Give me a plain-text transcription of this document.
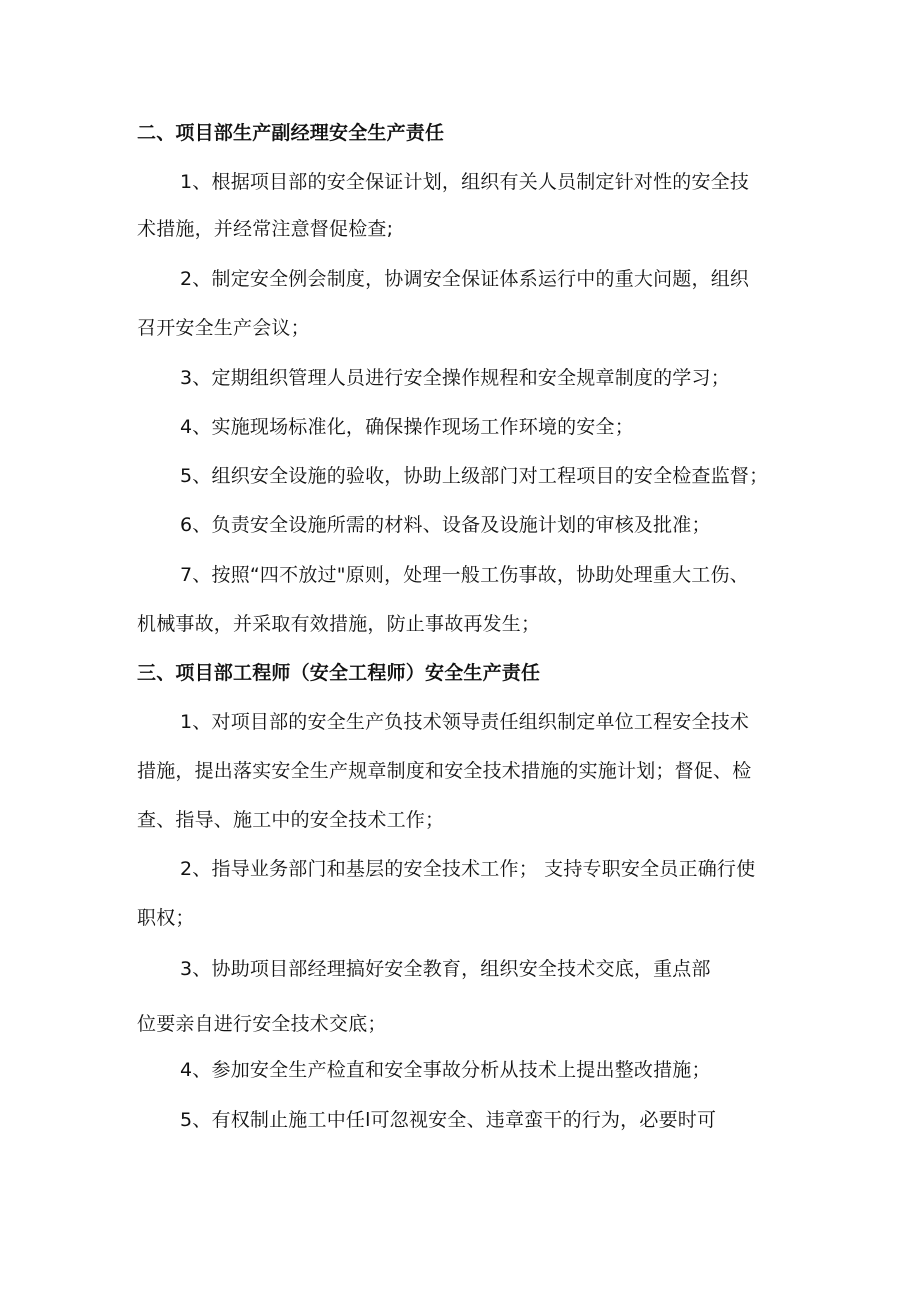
二、项目部生产副经理安全生产责任
1、根据项目部的安全保证计划，组织有关人员制定针对性的安全技
术措施，并经常注意督促检查;
2、制定安全例会制度，协调安全保证体系运行中的重大问题，组织
召开安全生产会议；
3、定期组织管理人员进行安全操作规程和安全规章制度的学习；
4、实施现场标准化，确保操作现场工作环境的安全；
5、组织安全设施的验收，协助上级部门对工程项目的安全检查监督；
6、负责安全设施所需的材料、设备及设施计划的审核及批准；
7、按照“四不放过"原则，处理一般工伤事故，协助处理重大工伤、
机械事故，并采取有效措施，防止事故再发生；
三、项目部工程师（安全工程师）安全生产责任
1、对项目部的安全生产负技术领导责任组织制定单位工程安全技术
措施，提出落实安全生产规章制度和安全技术措施的实施计划；督促、检
查、指导、施工中的安全技术工作；
2、指导业务部门和基层的安全技术工作； 支持专职安全员正确行使
职权；
3、协助项目部经理搞好安全教育，组织安全技术交底，重点部
位要亲自进行安全技术交底；
4、参加安全生产检直和安全事故分析从技术上提出整改措施；
5、有权制止施工中任l可忽视安全、违章蛮干的行为，必要时可
